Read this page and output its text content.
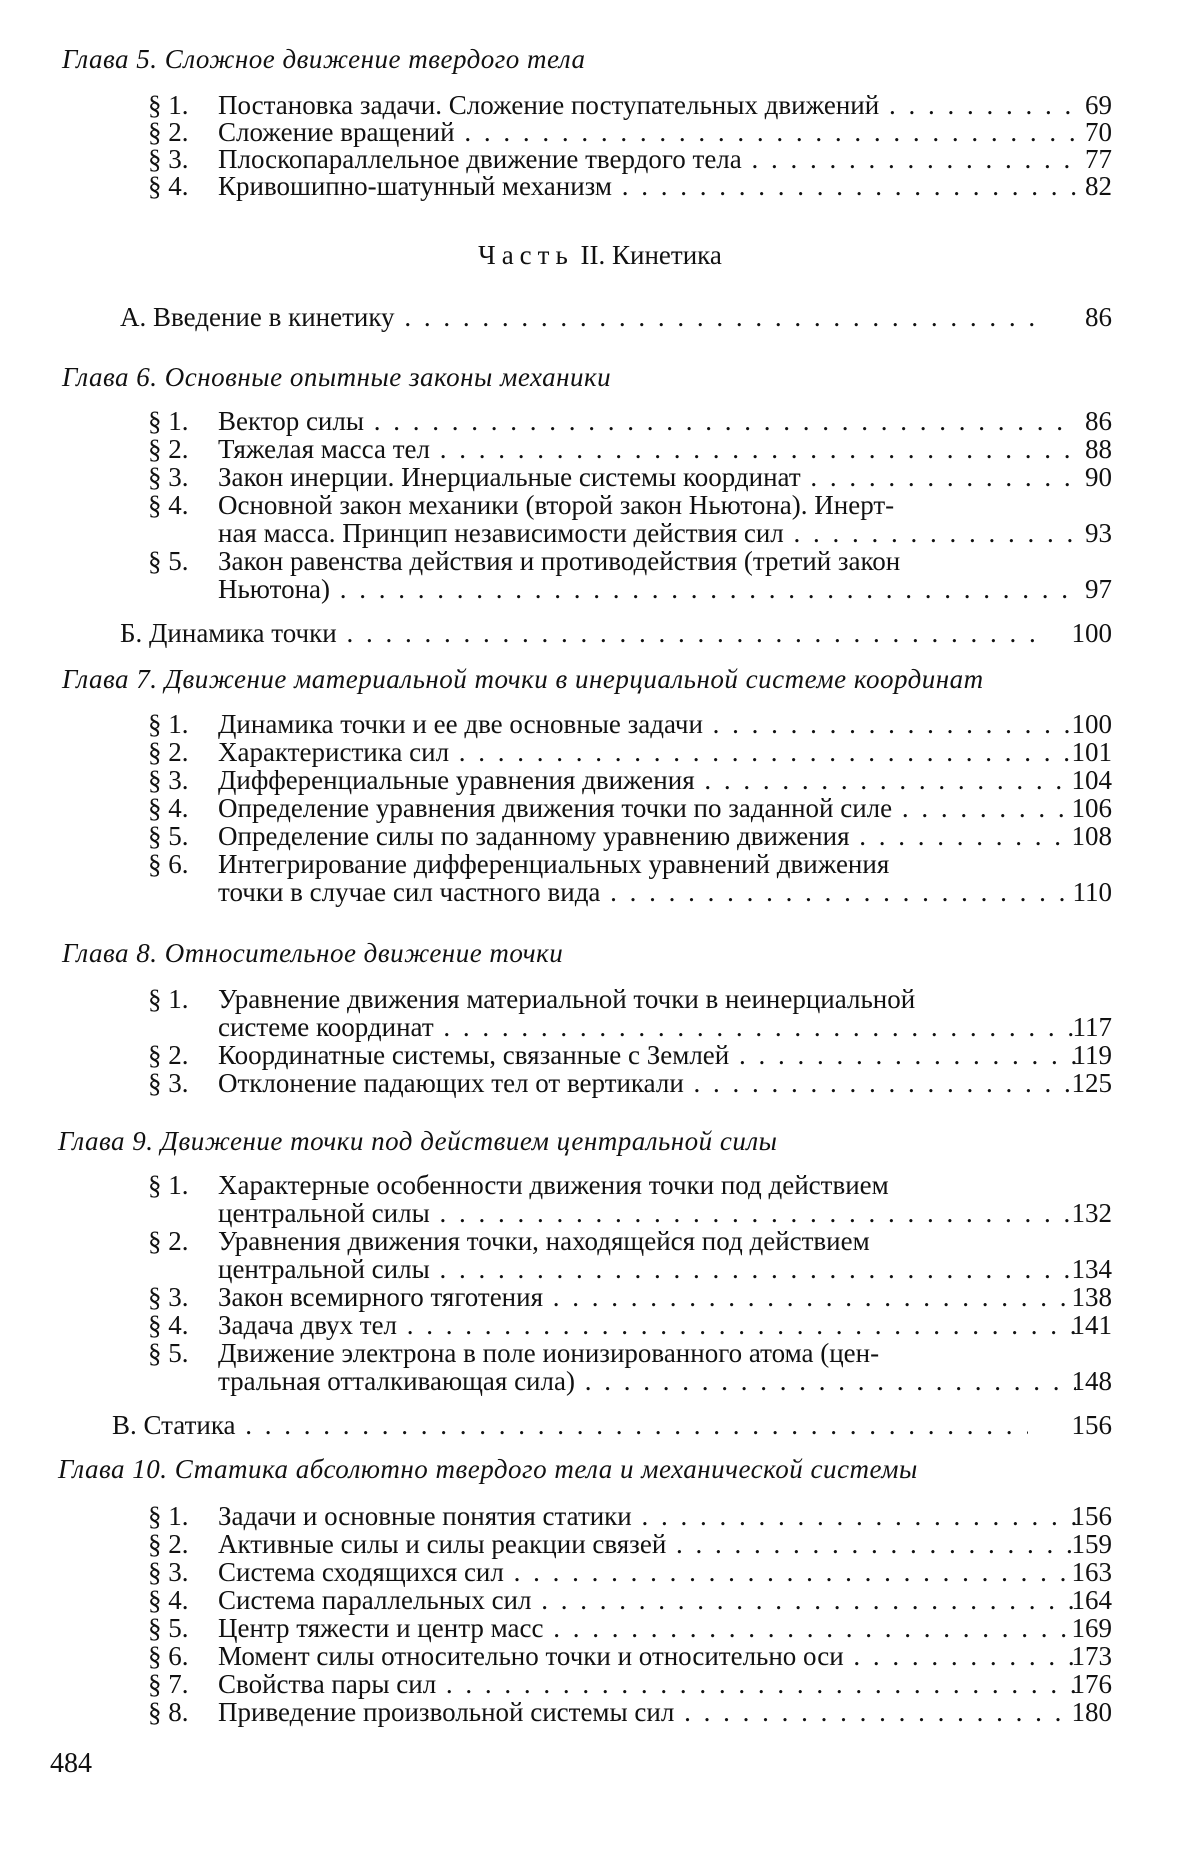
Глава 5. Сложное движение твердого тела
§ 1.	Постановка задачи. Сложение поступательных движений . . .	69
§ 2.	Сложение вращений . . .	70
§ 3.	Плоскопараллельное движение твердого тела . . .	77
§ 4.	Кривошипно-шатунный механизм . . .	82
Часть II. Кинетика
А. Введение в кинетику . . .	86
Глава 6. Основные опытные законы механики
§ 1.	Вектор силы . . .	86
§ 2.	Тяжелая масса тел . . .	88
§ 3.	Закон инерции. Инерциальные системы координат . . .	90
§ 4.	Основной закон механики (второй закон Ньютона). Инерт-
ная масса. Принцип независимости действия сил . . .	93
§ 5.	Закон равенства действия и противодействия (третий закон
Ньютона) . . .	97
Б. Динамика точки . . .	100
Глава 7. Движение материальной точки в инерциальной системе координат
§ 1.	Динамика точки и ее две основные задачи . . .	100
§ 2.	Характеристика сил . . .	101
§ 3.	Дифференциальные уравнения движения . . .	104
§ 4.	Определение уравнения движения точки по заданной силе . . .	106
§ 5.	Определение силы по заданному уравнению движения . . .	108
§ 6.	Интегрирование дифференциальных уравнений движения
точки в случае сил частного вида . . .	110
Глава 8. Относительное движение точки
§ 1.	Уравнение движения материальной точки в неинерциальной
системе координат . . .	117
§ 2.	Координатные системы, связанные с Землей . . .	119
§ 3.	Отклонение падающих тел от вертикали . . .	125
Глава 9. Движение точки под действием центральной силы
§ 1.	Характерные особенности движения точки под действием
центральной силы . . .	132
§ 2.	Уравнения движения точки, находящейся под действием
центральной силы . . .	134
§ 3.	Закон всемирного тяготения . . .	138
§ 4.	Задача двух тел . . .	141
§ 5.	Движение электрона в поле ионизированного атома (цен-
тральная отталкивающая сила) . . .	148
В. Статика . . .	156
Глава 10. Статика абсолютно твердого тела и механической системы
§ 1.	Задачи и основные понятия статики . . .	156
§ 2.	Активные силы и силы реакции связей . . .	159
§ 3.	Система сходящихся сил . . .	163
§ 4.	Система параллельных сил . . .	164
§ 5.	Центр тяжести и центр масс . . .	169
§ 6.	Момент силы относительно точки и относительно оси . . .	173
§ 7.	Свойства пары сил . . .	176
§ 8.	Приведение произвольной системы сил . . .	180
484
